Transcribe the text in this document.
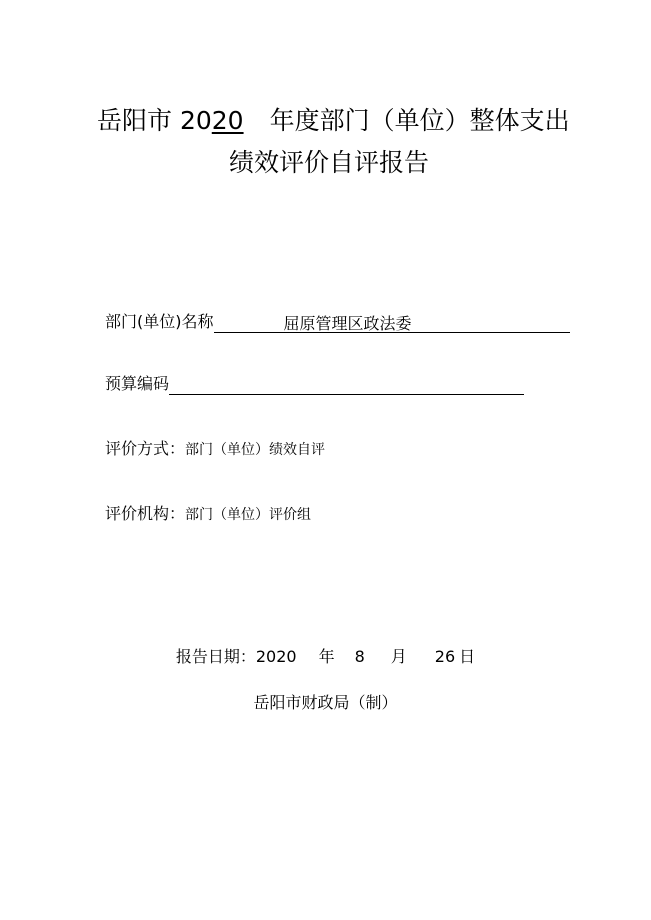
岳阳市 2020 年度部门（单位）整体支出
绩效评价自评报告
部门(单位)名称	屈原管理区政法委
预算编码
评价方式：部门（单位）绩效自评
评价机构：部门（单位）评价组
报告日期：2020 年 8 月 26 日
岳阳市财政局（制）
